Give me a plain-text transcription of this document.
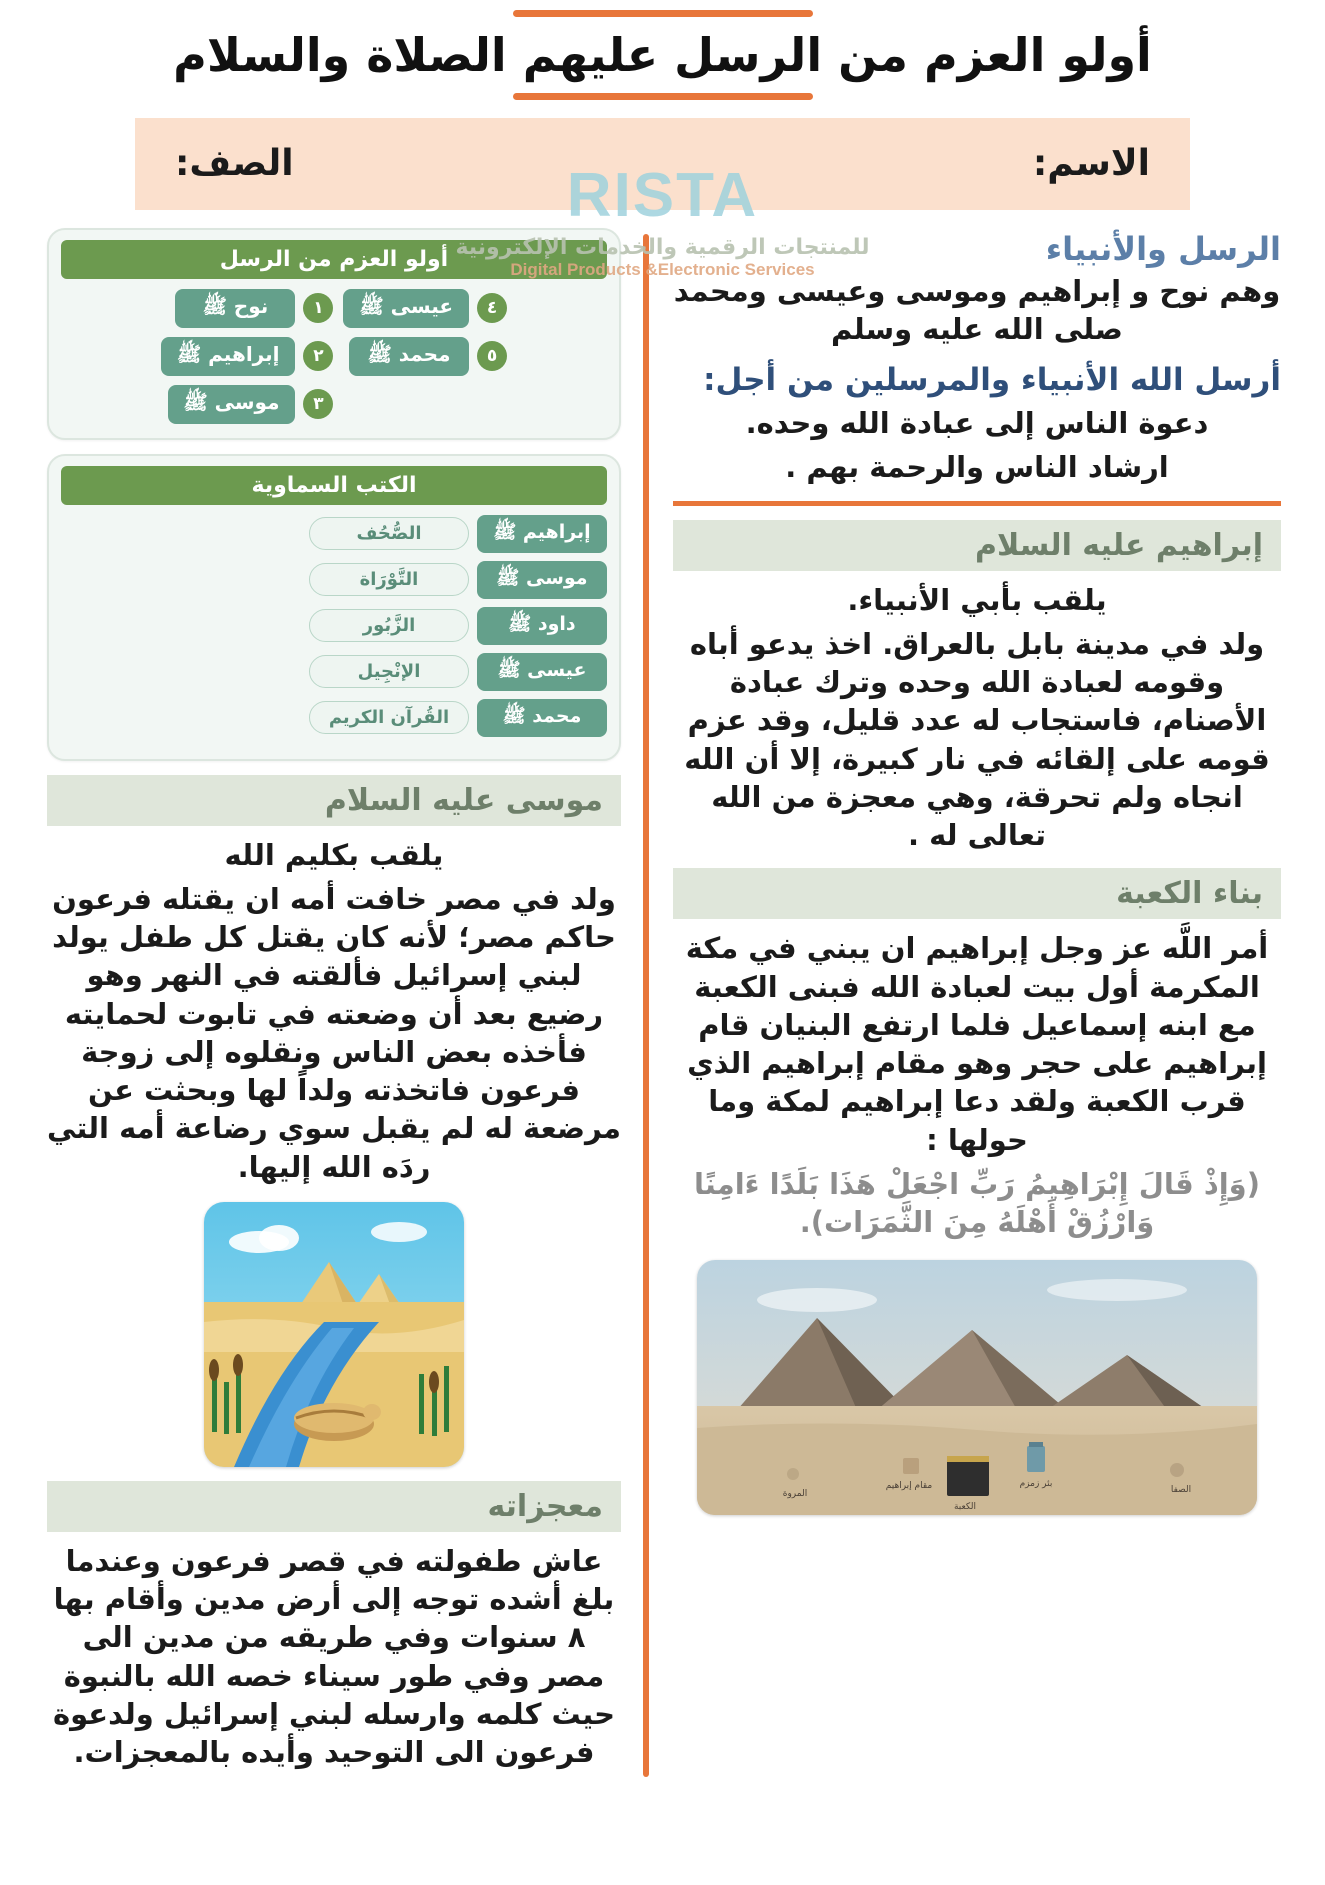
أولو العزم من الرسل عليهم الصلاة والسلام
الاسم:
الصف:	RISTA
للمنتجات الرقمية والخدمات الإلكترونية
Digital Products &Electronic Services
الرسل والأنبياء
وهم نوح و إبراهيم وموسى وعيسى ومحمد صلى الله عليه وسلم
أرسل الله الأنبياء والمرسلين من أجل:
دعوة الناس إلى عبادة الله وحده.
ارشاد الناس والرحمة بهم .
إبراهيم عليه السلام
يلقب بأبي الأنبياء.
ولد في مدينة بابل بالعراق. اخذ يدعو أباه وقومه لعبادة الله وحده وترك عبادة الأصنام، فاستجاب له عدد قليل، وقد عزم قومه على إلقائه في نار كبيرة، إلا أن الله انجاه ولم تحرقة، وهي معجزة من الله تعالى له .
بناء الكعبة
أمر اللَّه عز وجل إبراهيم ان يبني في مكة المكرمة أول بيت لعبادة الله فبنى الكعبة مع ابنه إسماعيل فلما ارتفع البنيان قام إبراهيم على حجر وهو مقام إبراهيم الذي قرب الكعبة ولقد دعا إبراهيم لمكة وما حولها :
(وَإِذْ قَالَ إِبْرَاهِيمُ رَبِّ اجْعَلْ هَذَا بَلَدًا ءَامِنًا وَارْزُقْ أَهْلَهُ مِنَ الثَّمَرَات).
الكعبة
بئر زمزم
مقام إبراهيم	الصفا
المروة
أولو العزم من الرسل
٤
عيسى ﷺ
٥
محمد ﷺ
١
نوح ﷺ
٢
إبراهيم ﷺ
٣
موسى ﷺ
الكتب السماوية
إبراهيم ﷺ
الصُّحُف
موسى ﷺ
التَّوْرَاة
داود ﷺ
الزَّبُور
عيسى ﷺ
الإنْجِيل
محمد ﷺ
القُرآن الكريم
موسى عليه السلام
يلقب بكليم الله
ولد في مصر خافت أمه ان يقتله فرعون حاكم مصر؛ لأنه كان يقتل كل طفل يولد لبني إسرائيل فألقته في النهر وهو رضيع بعد أن وضعته في تابوت لحمايته فأخذه بعض الناس ونقلوه إلى زوجة فرعون فاتخذته ولداً لها وبحثت عن مرضعة له لم يقبل سوي رضاعة أمه التي ردَه الله إليها.
معجزاته
عاش طفولته في قصر فرعون وعندما بلغ أشده توجه إلى أرض مدين وأقام بها ٨ سنوات وفي طريقه من مدين الى مصر وفي طور سيناء خصه الله بالنبوة حيث كلمه وارسله لبني إسرائيل ولدعوة فرعون الى التوحيد وأيده بالمعجزات.
